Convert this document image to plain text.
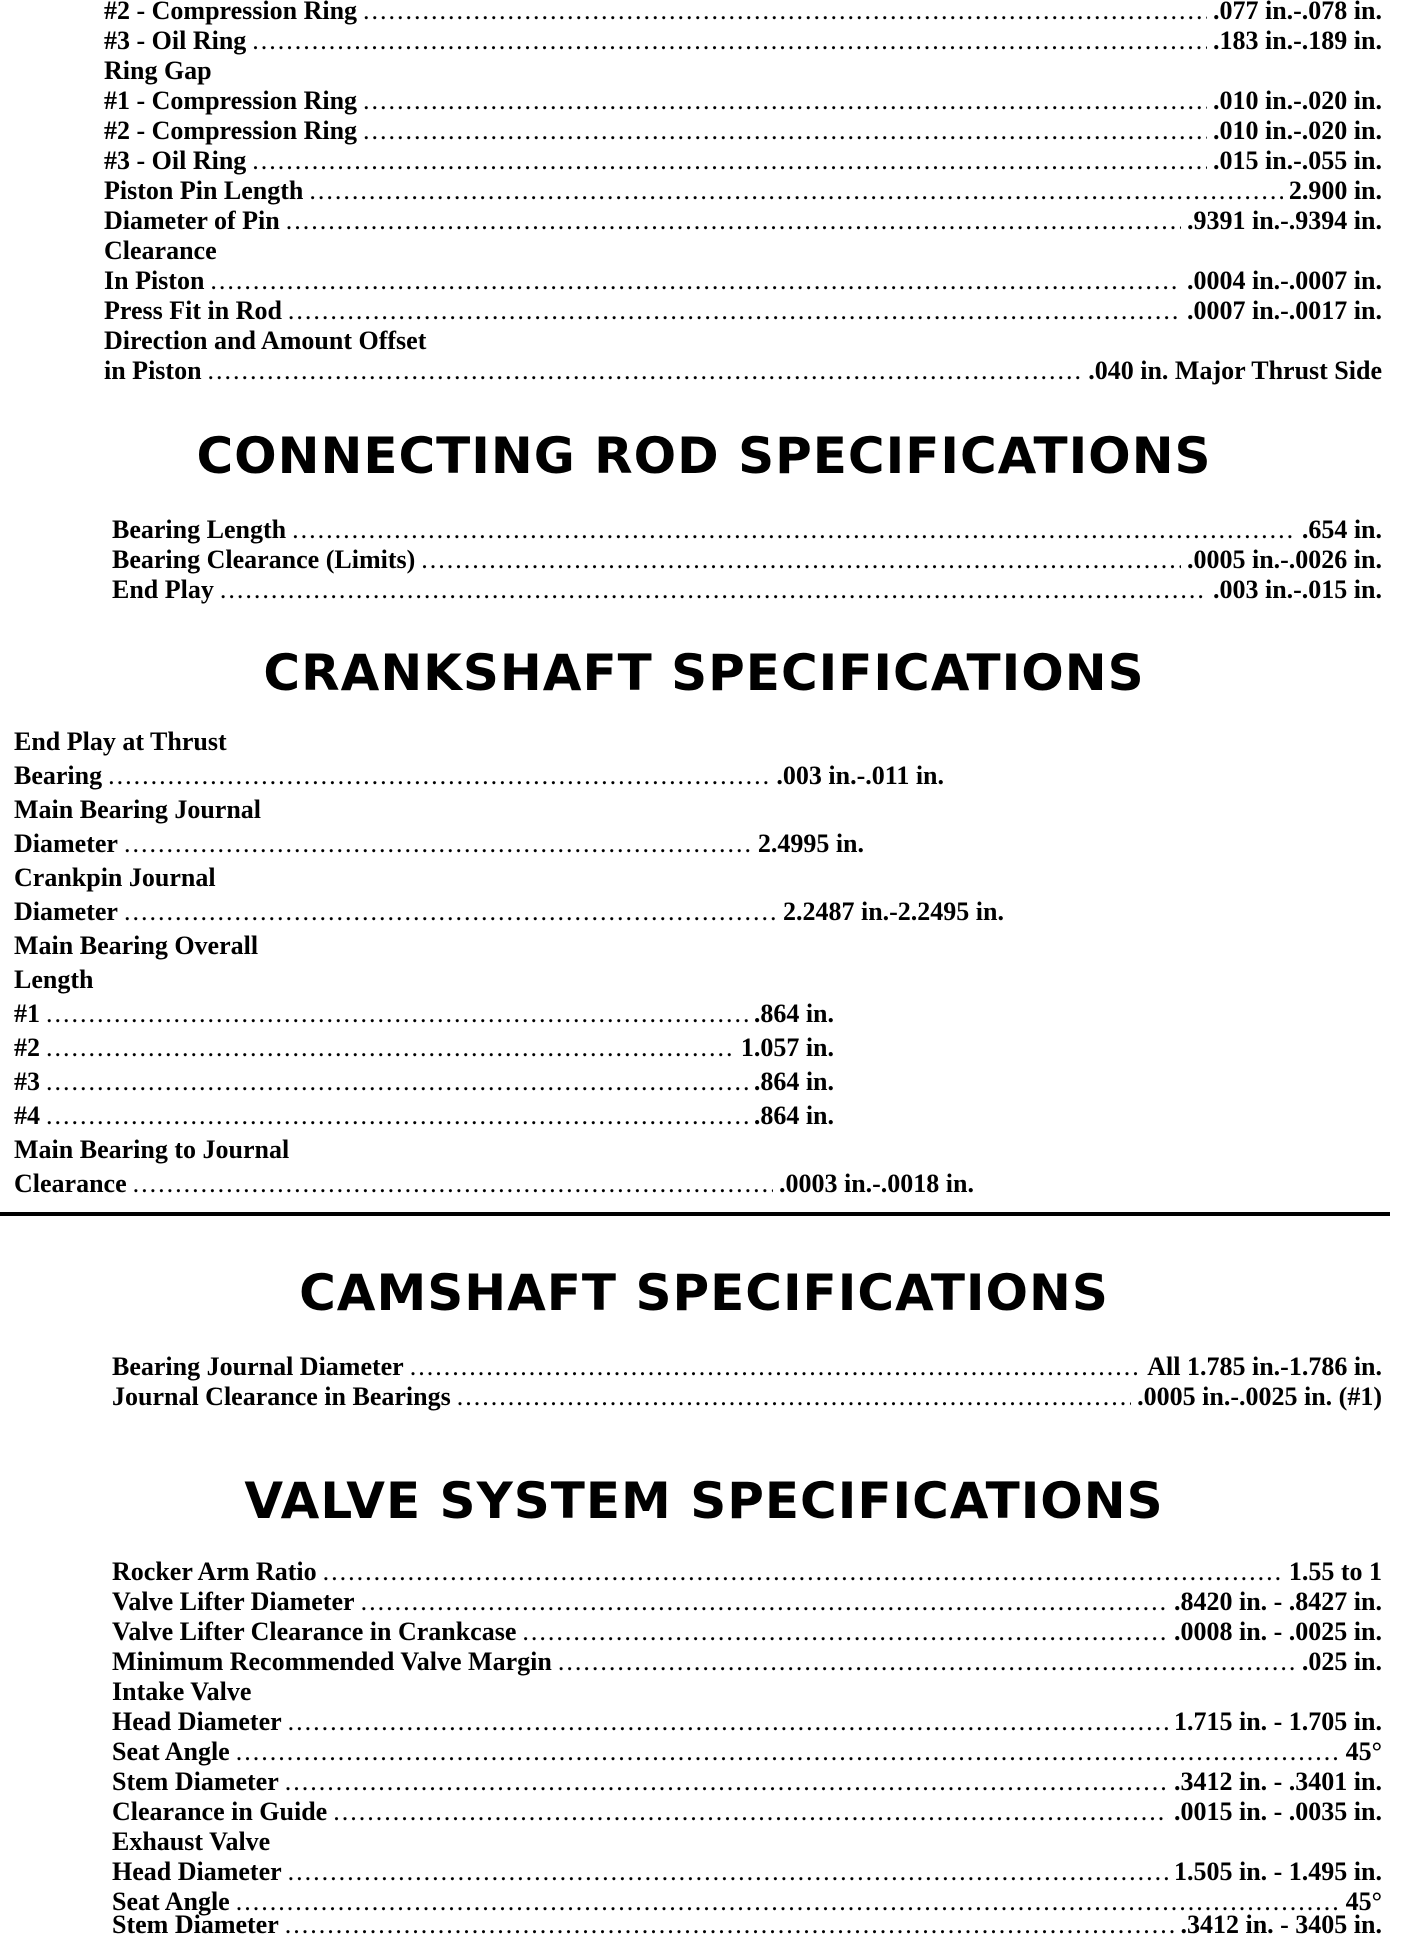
#2 - Compression Ring .....	.077 in.-.078 in.
#3 - Oil Ring .....	.183 in.-.189 in.
Ring Gap
#1 - Compression Ring .....	.010 in.-.020 in.
#2 - Compression Ring .....	.010 in.-.020 in.
#3 - Oil Ring .....	.015 in.-.055 in.
Piston Pin Length .....	2.900 in.
Diameter of Pin .....	.9391 in.-.9394 in.
Clearance
In Piston .....	.0004 in.-.0007 in.
Press Fit in Rod .....	.0007 in.-.0017 in.
Direction and Amount Offset
in Piston .....	.040 in. Major Thrust Side
CONNECTING ROD SPECIFICATIONS
Bearing Length .....	.654 in.
Bearing Clearance (Limits) .....	.0005 in.-.0026 in.
End Play .....	.003 in.-.015 in.
CRANKSHAFT SPECIFICATIONS
End Play at Thrust
Bearing .....	.003 in.-.011 in.
Main Bearing Journal
Diameter .....	2.4995 in.
Crankpin Journal
Diameter .....	2.2487 in.-2.2495 in.
Main Bearing Overall
Length
#1 .....	.864 in.
#2 .....	1.057 in.
#3 .....	.864 in.
#4 .....	.864 in.
Main Bearing to Journal
Clearance .....	.0003 in.-.0018 in.
CAMSHAFT SPECIFICATIONS
Bearing Journal Diameter .....	All 1.785 in.-1.786 in.
Journal Clearance in Bearings .....	.0005 in.-.0025 in. (#1)
VALVE SYSTEM SPECIFICATIONS
Rocker Arm Ratio .....	1.55 to 1
Valve Lifter Diameter .....	.8420 in. - .8427 in.
Valve Lifter Clearance in Crankcase .....	.0008 in. - .0025 in.
Minimum Recommended Valve Margin .....	.025 in.
Intake Valve
Head Diameter .....	1.715 in. - 1.705 in.
Seat Angle .....	45°
Stem Diameter .....	.3412 in. - .3401 in.
Clearance in Guide .....	.0015 in. - .0035 in.
Exhaust Valve
Head Diameter .....	1.505 in. - 1.495 in.
Seat Angle .....	45°
Stem Diameter .....	.3412 in. - 3405 in.
